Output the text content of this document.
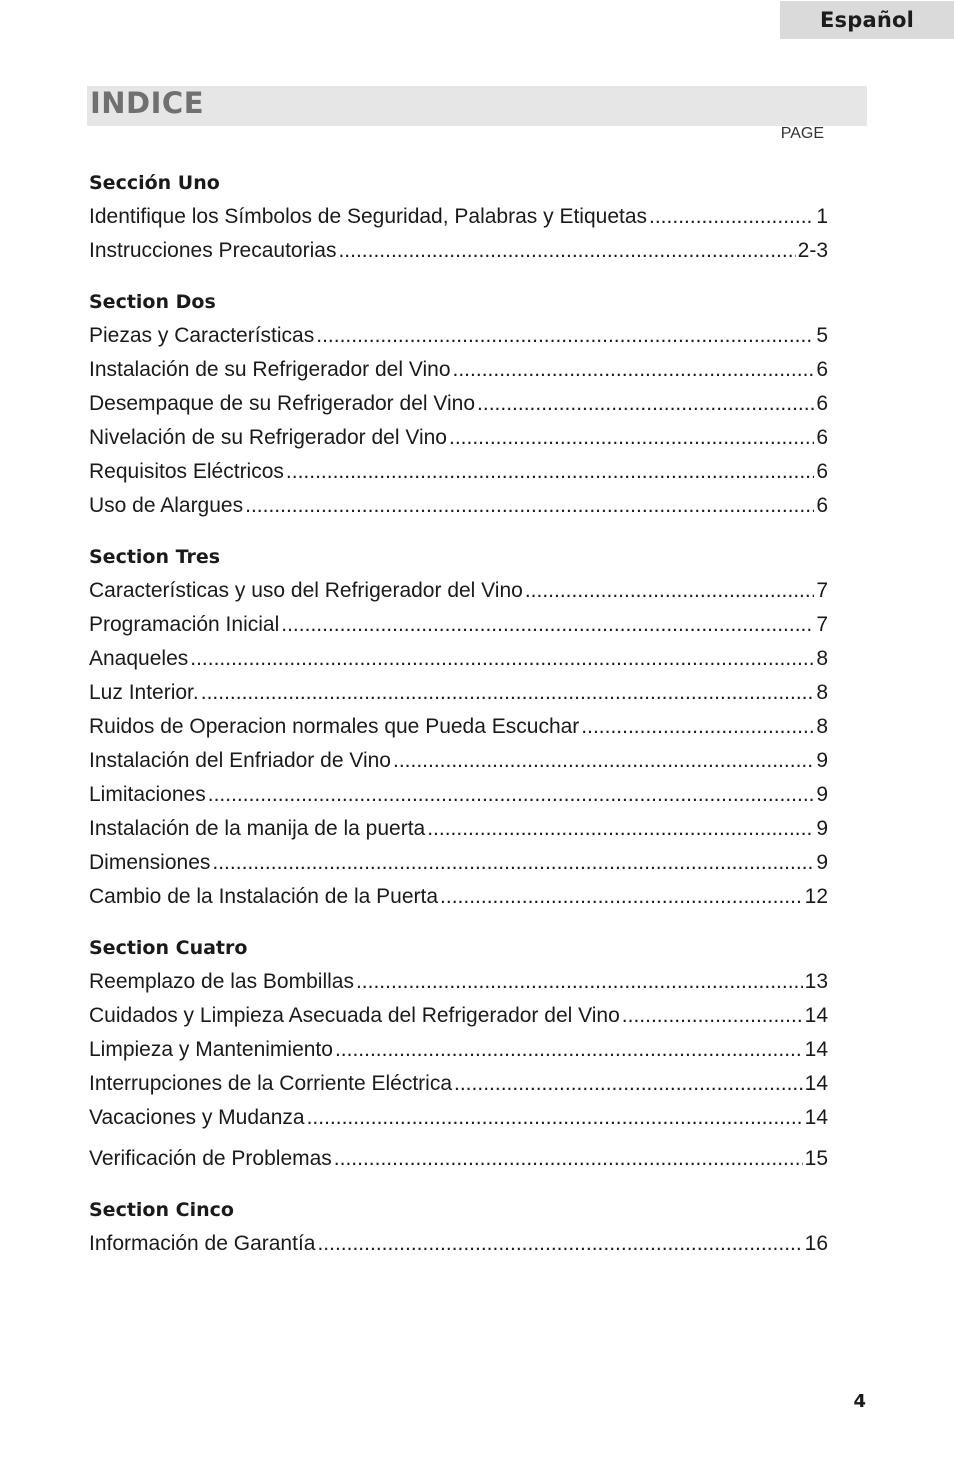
Español
INDICE
PAGE
Sección Uno
Identifique los Símbolos de Seguridad, Palabras y Etiquetas .....	1
Instrucciones Precautorias .....	2-3
Section Dos
Piezas y Características .....	5
Instalación de su Refrigerador del Vino .....	6
Desempaque de su Refrigerador del Vino .....	6
Nivelación de su Refrigerador del Vino .....	6
Requisitos Eléctricos .....	6
Uso de Alargues .....	6
Section Tres
Características y uso del Refrigerador del Vino .....	7
Programación Inicial .....	7
Anaqueles .....	8
Luz Interior. .....	8
Ruidos de Operacion normales que Pueda Escuchar .....	8
Instalación del Enfriador de Vino .....	9
Limitaciones .....	9
Instalación de la manija de la puerta .....	9
Dimensiones .....	9
Cambio de la Instalación de la Puerta .....	12
Section Cuatro
Reemplazo de las Bombillas .....	13
Cuidados y Limpieza Asecuada del Refrigerador del Vino .....	14
Limpieza y Mantenimiento .....	14
Interrupciones de la Corriente Eléctrica .....	14
Vacaciones y Mudanza .....	14
Verificación de Problemas .....	15
Section Cinco
Información de Garantía .....	16
4
